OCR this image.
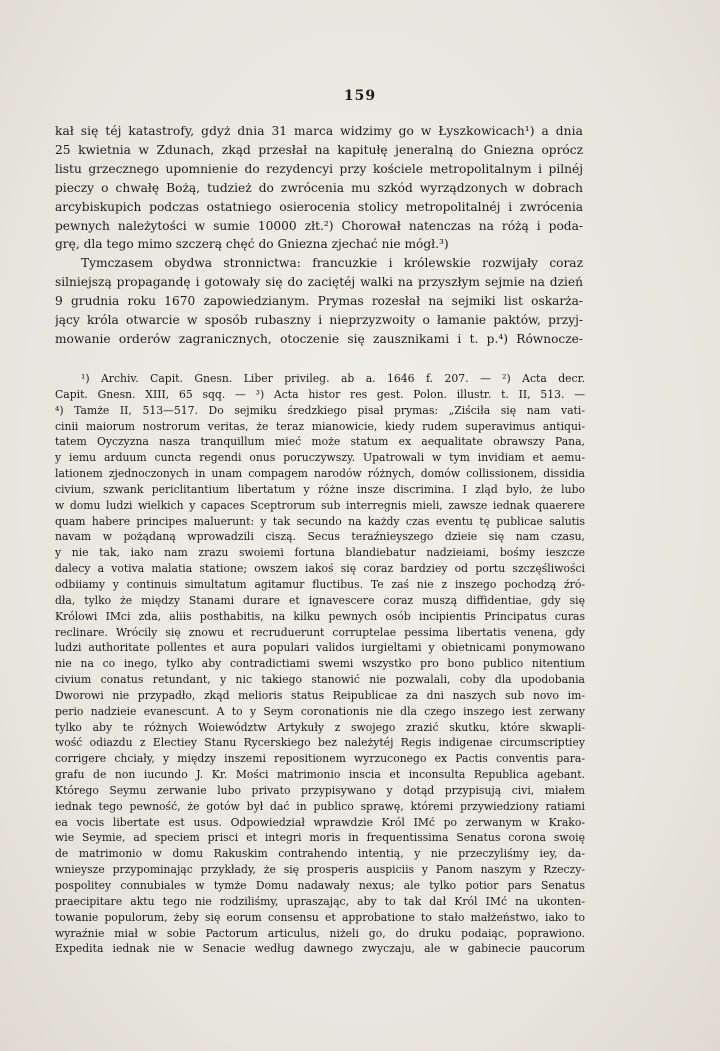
159
kał się téj katastrofy, gdyż dnia 31 marca widzimy go w Łyszkowicach¹) a dnia
25 kwietnia w Zdunach, zkąd przesłał na kapitułę jeneralną do Gniezna oprócz
listu grzecznego upomnienie do rezydencyi przy kościele metropolitalnym i pilnéj
pieczy o chwałę Bożą, tudzież do zwrócenia mu szkód wyrządzonych w dobrach
arcybiskupich podczas ostatniego osierocenia stolicy metropolitalnéj i zwrócenia
pewnych należytości w sumie 10000 złt.²) Chorował natenczas na różą i poda-
grę, dla tego mimo szczerą chęć do Gniezna zjechać nie mógł.³)
Tymczasem obydwa stronnictwa: francuzkie i królewskie rozwijały coraz
silniejszą propagandę i gotowały się do zaciętéj walki na przyszłym sejmie na dzień
9 grudnia roku 1670 zapowiedzianym. Prymas rozesłał na sejmiki list oskarża-
jący króla otwarcie w sposób rubaszny i nieprzyzwoity o łamanie paktów, przyj-
mowanie orderów zagranicznych, otoczenie się zausznikami i t. p.⁴) Równocze-
¹) Archiv. Capit. Gnesn. Liber privileg. ab a. 1646 f. 207. — ²) Acta decr.
Capit. Gnesn. XIII, 65 sqq. — ³) Acta histor res gest. Polon. illustr. t. II, 513. —
⁴) Tamże II, 513—517. Do sejmiku średzkiego pisał prymas: „Ziściła się nam vati-
cinii maiorum nostrorum veritas, że teraz mianowicie, kiedy rudem superavimus antiqui-
tatem Oyczyzna nasza tranquillum mieć może statum ex aequalitate obrawszy Pana,
y iemu arduum cuncta regendi onus poruczywszy. Upatrowali w tym invidiam et aemu-
lationem zjednoczonych in unam compagem narodów różnych, domów collissionem, dissidia
civium, szwank periclitantium libertatum y różne insze discrimina. I zląd było, że lubo
w domu ludzi wielkich y capaces Sceptrorum sub interregnis mieli, zawsze iednak quaerere
quam habere principes maluerunt: y tak secundo na każdy czas eventu tę publicae salutis
navam w pożądaną wprowadzili ciszą. Secus teraźnieyszego dzieie się nam czasu,
y nie tak, iako nam zrazu swoiemi fortuna blandiebatur nadzieiami, bośmy ieszcze
dalecy a votiva malatia statione; owszem iakoś się coraz bardziey od portu szczęśliwości
odbiiamy y continuis simultatum agitamur fluctibus. Te zaś nie z inszego pochodzą źró-
dła, tylko że między Stanami durare et ignavescere coraz muszą diffidentiae, gdy się
Królowi IMci zda, aliis posthabitis, na kilku pewnych osób incipientis Principatus curas
reclinare. Wrócily się znowu et recruduerunt corruptelae pessima libertatis venena, gdy
ludzi authoritate pollentes et aura populari validos iurgieltami y obietnicami ponymowano
nie na co inego, tylko aby contradictiami swemi wszystko pro bono publico nitentium
civium conatus retundant, y nic takiego stanowić nie pozwalali, coby dla upodobania
Dworowi nie przypadło, zkąd melioris status Reipublicae za dni naszych sub novo im-
perio nadzieie evanescunt. A to y Seym coronationis nie dla czego inszego iest zerwany
tylko aby te różnych Woiewództw Artykuły z swojego zrazić skutku, które skwapli-
wość odiazdu z Electiey Stanu Rycerskiego bez należytéj Regis indigenae circumscriptiey
corrigere chciały, y między inszemi repositionem wyrzuconego ex Pactis conventis para-
grafu de non iucundo J. Kr. Mości matrimonio inscia et inconsulta Republica agebant.
Którego Seymu zerwanie lubo privato przypisywano y dotąd przypisują civi, miałem
iednak tego pewność, że gotów był dać in publico sprawę, któremi przywiedziony ratiami
ea vocis libertate est usus. Odpowiedział wprawdzie Król IMć po zerwanym w Krako-
wie Seymie, ad speciem prisci et integri moris in frequentissima Senatus corona swoię
de matrimonio w domu Rakuskim contrahendo intentią, y nie przeczyliśmy iey, da-
wnieysze przypominając przykłady, że się prosperis auspiciis y Panom naszym y Rzeczy-
pospolitey connubiales w tymże Domu nadawały nexus; ale tylko potior pars Senatus
praecipitare aktu tego nie rodziliśmy, upraszając, aby to tak dał Król IMć na ukonten-
towanie populorum, żeby się eorum consensu et approbatione to stało małżeństwo, iako to
wyraźnie miał w sobie Pactorum articulus, niżeli go, do druku podaiąc, poprawiono.
Expedita iednak nie w Senacie według dawnego zwyczaju, ale w gabinecie paucorum
